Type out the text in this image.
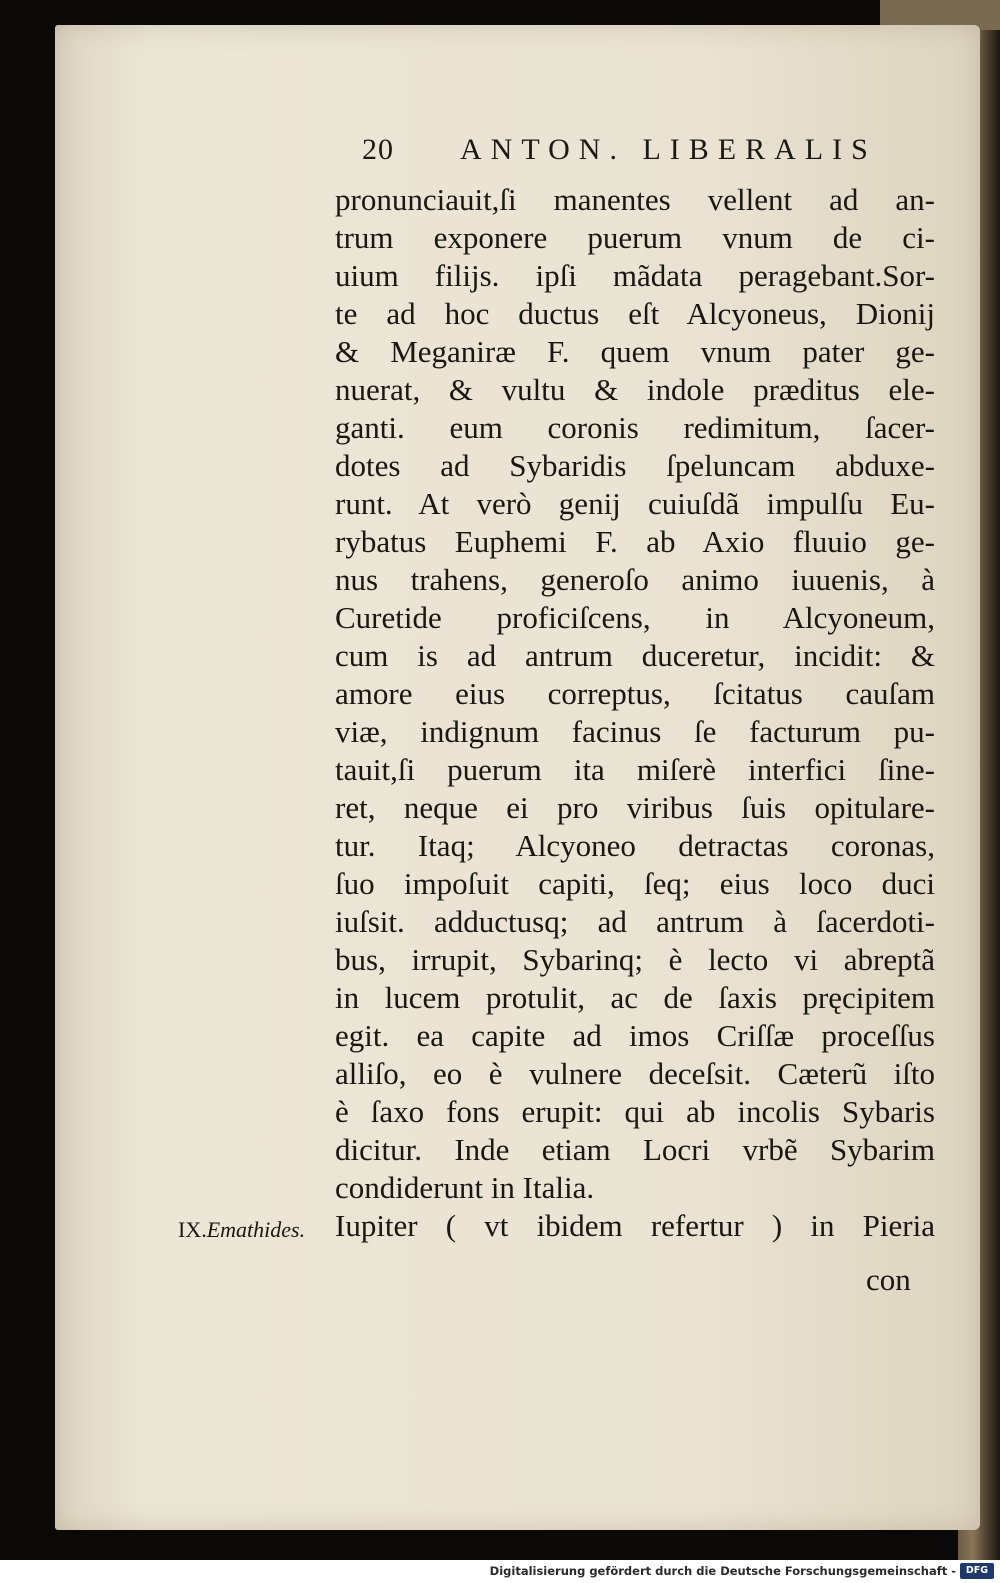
20 ANTON. LIBERALIS
pronunciauit,ſi manentes vellent ad an-
trum exponere puerum vnum de ci-
uium filijs. ipſi mãdata peragebant.Sor-
te ad hoc ductus eſt Alcyoneus, Dionij
& Meganiræ F. quem vnum pater ge-
nuerat, & vultu & indole præditus ele-
ganti. eum coronis redimitum, ſacer-
dotes ad Sybaridis ſpeluncam abduxe-
runt. At verò genij cuiuſdã impulſu Eu-
rybatus Euphemi F. ab Axio fluuio ge-
nus trahens, generoſo animo iuuenis, à
Curetide proficiſcens, in Alcyoneum,
cum is ad antrum duceretur, incidit: &
amore eius correptus, ſcitatus cauſam
viæ, indignum facinus ſe facturum pu-
tauit,ſi puerum ita miſerè interfici ſine-
ret, neque ei pro viribus ſuis opitulare-
tur. Itaq; Alcyoneo detractas coronas,
ſuo impoſuit capiti, ſeq; eius loco duci
iuſsit. adductusq; ad antrum à ſacerdoti-
bus, irrupit, Sybarinq; è lecto vi abreptã
in lucem protulit, ac de ſaxis pręcipitem
egit. ea capite ad imos Criſſæ proceſſus
alliſo, eo è vulnere deceſsit. Cæterũ iſto
è ſaxo fons erupit: qui ab incolis Sybaris
dicitur. Inde etiam Locri vrbẽ Sybarim
condiderunt in Italia.
Iupiter ( vt ibidem refertur ) in Pieria
IX.Emathides.
con
Digitalisierung gefördert durch die Deutsche Forschungsgemeinschaft -	DFG
